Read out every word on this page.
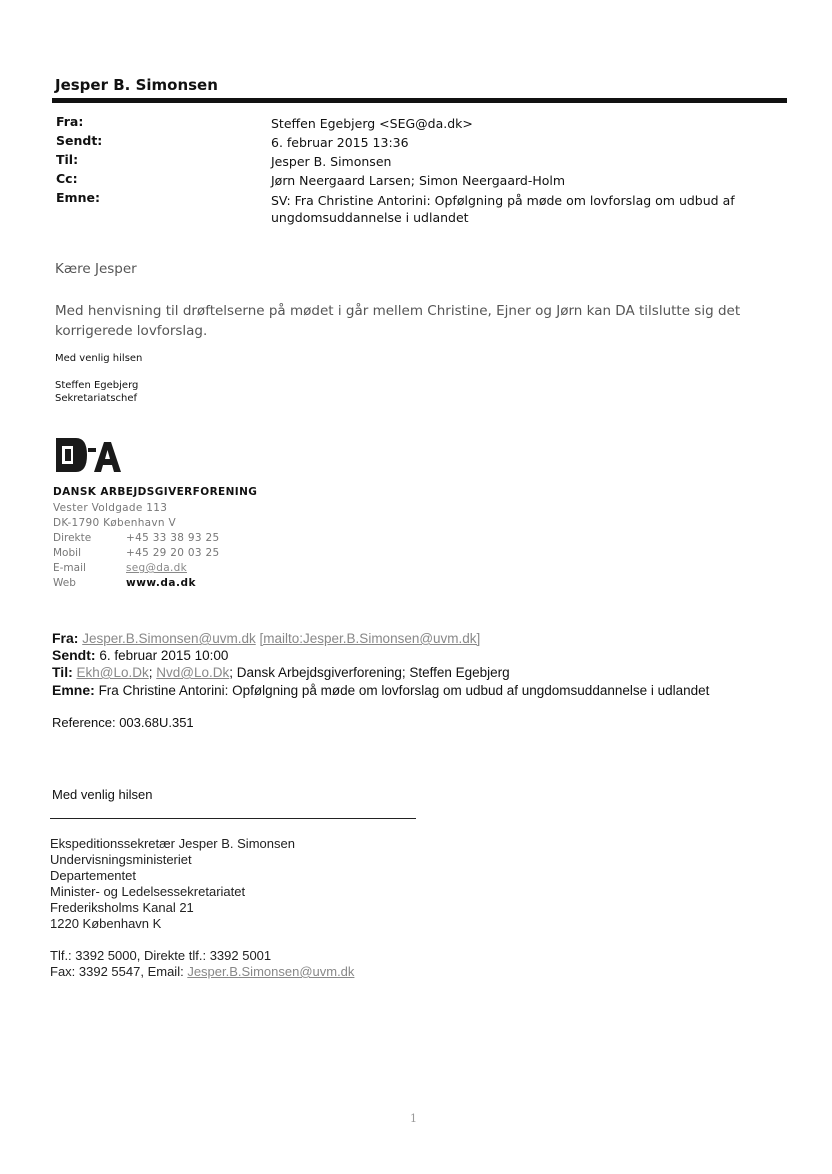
Jesper B. Simonsen
Fra:	Steffen Egebjerg <SEG@da.dk>
Sendt:	6. februar 2015 13:36
Til:	Jesper B. Simonsen
Cc:	Jørn Neergaard Larsen; Simon Neergaard-Holm
Emne:	SV: Fra Christine Antorini: Opfølgning på møde om lovforslag om udbud af
ungdomsuddannelse i udlandet
Kære Jesper
Med henvisning til drøftelserne på mødet i går mellem Christine, Ejner og Jørn kan DA tilslutte sig det korrigerede lovforslag.
Med venlig hilsen
Steffen Egebjerg
Sekretariatschef
DANSK ARBEJDSGIVERFORENING
Vester Voldgade 113
DK-1790 København V
Direkte	+45 33 38 93 25
Mobil	+45 29 20 03 25
E-mail	seg@da.dk
Web	www.da.dk
Fra: Jesper.B.Simonsen@uvm.dk [mailto:Jesper.B.Simonsen@uvm.dk]
Sendt: 6. februar 2015 10:00
Til: Ekh@Lo.Dk; Nvd@Lo.Dk; Dansk Arbejdsgiverforening; Steffen Egebjerg
Emne: Fra Christine Antorini: Opfølgning på møde om lovforslag om udbud af ungdomsuddannelse i udlandet
Reference: 003.68U.351
Med venlig hilsen
Ekspeditionssekretær Jesper B. Simonsen
Undervisningsministeriet
Departementet
Minister- og Ledelsessekretariatet
Frederiksholms Kanal 21
1220 København K
Tlf.: 3392 5000, Direkte tlf.: 3392 5001
Fax: 3392 5547, Email: Jesper.B.Simonsen@uvm.dk
1
